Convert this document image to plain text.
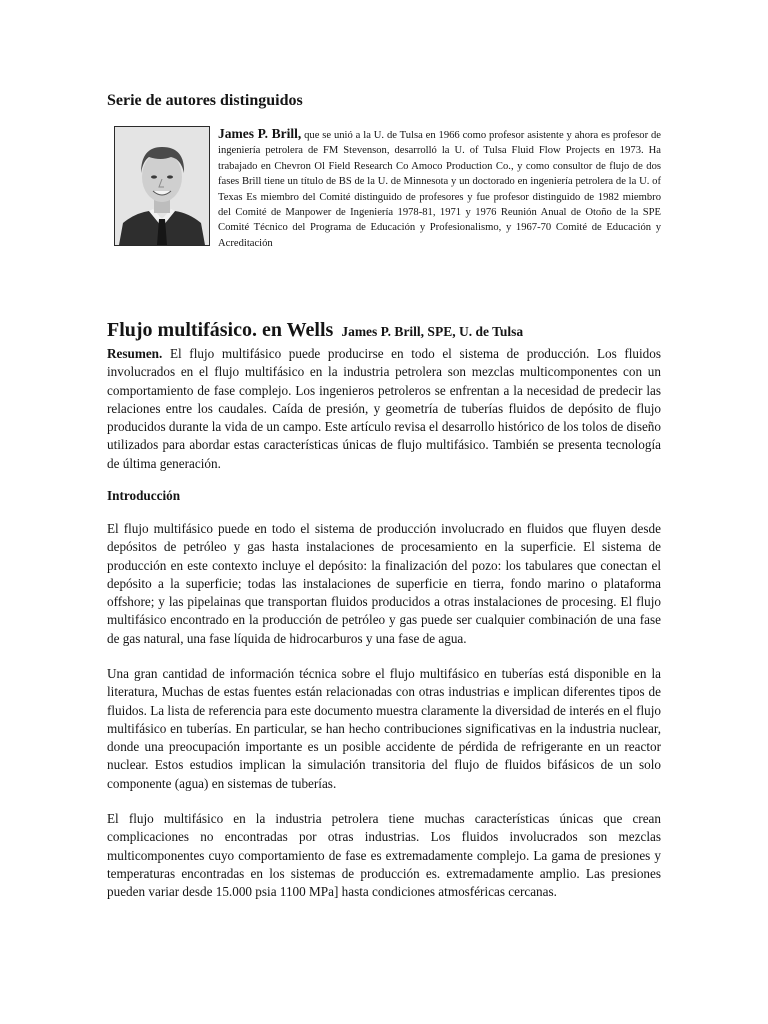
Serie de autores distinguidos

James P. Brill, que se unió a la U. de Tulsa en 1966 como profesor asistente y ahora es profesor de ingeniería petrolera de FM Stevenson, desarrolló la U. of Tulsa Fluid Flow Projects en 1973. Ha trabajado en Chevron Ol Field Research Co Amoco Production Co., y como consultor de flujo de dos fases Brill tiene un título de BS de la U. de Minnesota y un doctorado en ingeniería petrolera de la U. of Texas Es miembro del Comité distinguido de profesores y fue profesor distinguido de 1982 miembro del Comité de Manpower de Ingeniería 1978-81, 1971 y 1976 Reunión Anual de Otoño de la SPE Comité Técnico del Programa de Educación y Profesionalismo, y 1967-70 Comité de Educación y Acreditación

Flujo multifásico. en Wells James P. Brill, SPE, U. de Tulsa

Resumen. El flujo multifásico puede producirse en todo el sistema de producción. Los fluidos involucrados en el flujo multifásico en la industria petrolera son mezclas multicomponentes con un comportamiento de fase complejo. Los ingenieros petroleros se enfrentan a la necesidad de predecir las relaciones entre los caudales. Caída de presión, y geometría de tuberías fluidos de depósito de flujo producidos durante la vida de un campo. Este artículo revisa el desarrollo histórico de los tolos de diseño utilizados para abordar estas características únicas de flujo multifásico. También se presenta tecnología de última generación.

Introducción

El flujo multifásico puede en todo el sistema de producción involucrado en fluidos que fluyen desde depósitos de petróleo y gas hasta instalaciones de procesamiento en la superficie. El sistema de producción en este contexto incluye el depósito: la finalización del pozo: los tabulares que conectan el depósito a la superficie; todas las instalaciones de superficie en tierra, fondo marino o plataforma offshore; y las pipelainas que transportan fluidos producidos a otras instalaciones de procesing. El flujo multifásico encontrado en la producción de petróleo y gas puede ser cualquier combinación de una fase de gas natural, una fase líquida de hidrocarburos y una fase de agua.

Una gran cantidad de información técnica sobre el flujo multifásico en tuberías está disponible en la literatura, Muchas de estas fuentes están relacionadas con otras industrias e implican diferentes tipos de fluidos. La lista de referencia para este documento muestra claramente la diversidad de interés en el flujo multifásico en tuberías. En particular, se han hecho contribuciones significativas en la industria nuclear, donde una preocupación importante es un posible accidente de pérdida de refrigerante en un reactor nuclear. Estos estudios implican la simulación transitoria del flujo de fluidos bifásicos de un solo componente (agua) en sistemas de tuberías.

El flujo multifásico en la industria petrolera tiene muchas características únicas que crean complicaciones no encontradas por otras industrias. Los fluidos involucrados son mezclas multicomponentes cuyo comportamiento de fase es extremadamente complejo. La gama de presiones y temperaturas encontradas en los sistemas de producción es. extremadamente amplio. Las presiones pueden variar desde 15.000 psia 1100 MPa] hasta condiciones atmosféricas cercanas.
